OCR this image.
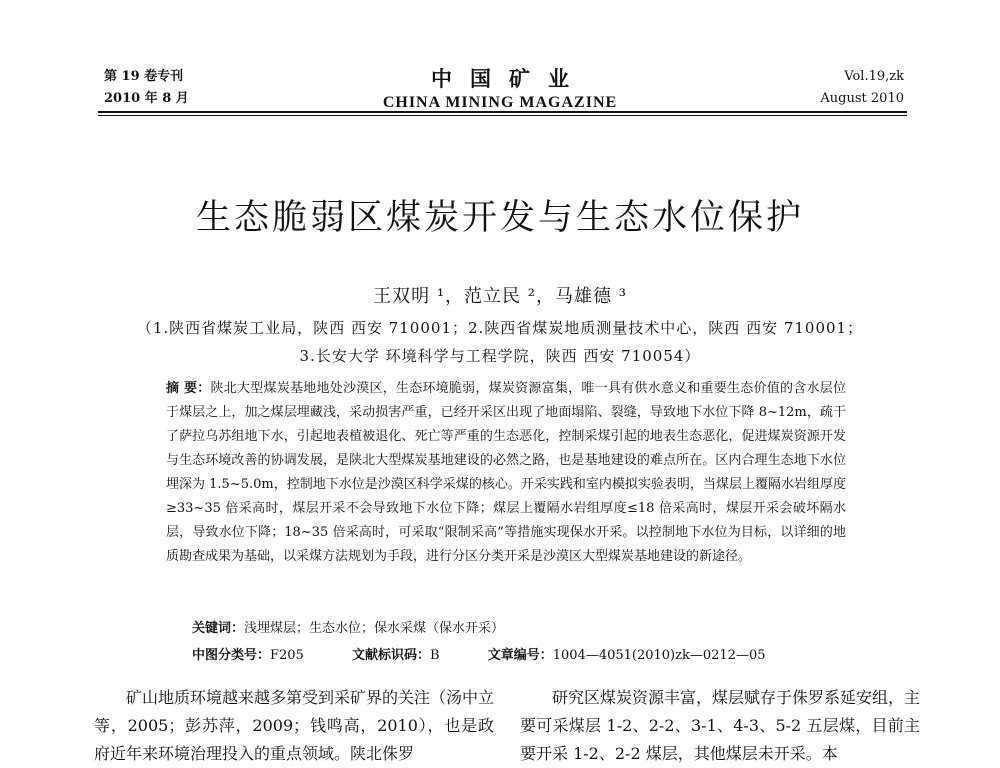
第 19 卷专刊
2010 年 8 月
中国矿业
CHINA MINING MAGAZINE
Vol.19,zk
August 2010
生态脆弱区煤炭开发与生态水位保护
王双明 ¹，范立民 ²，马雄德 ³
（1.陕西省煤炭工业局，陕西 西安 710001；2.陕西省煤炭地质测量技术中心，陕西 西安 710001；
3.长安大学 环境科学与工程学院，陕西 西安 710054）
摘 要：陕北大型煤炭基地地处沙漠区，生态环境脆弱，煤炭资源富集，唯一具有供水意义和重要生态价值的含水层位于煤层之上，加之煤层埋藏浅，采动损害严重，已经开采区出现了地面塌陷、裂缝，导致地下水位下降 8~12m，疏干了萨拉乌苏组地下水，引起地表植被退化、死亡等严重的生态恶化，控制采煤引起的地表生态恶化，促进煤炭资源开发与生态环境改善的协调发展，是陕北大型煤炭基地建设的必然之路，也是基地建设的难点所在。区内合理生态地下水位埋深为 1.5~5.0m，控制地下水位是沙漠区科学采煤的核心。开采实践和室内模拟实验表明，当煤层上覆隔水岩组厚度≥33~35 倍采高时，煤层开采不会导致地下水位下降；煤层上覆隔水岩组厚度≤18 倍采高时，煤层开采会破坏隔水层，导致水位下降；18~35 倍采高时，可采取“限制采高”等措施实现保水开采。以控制地下水位为目标，以详细的地质勘查成果为基础，以采煤方法规划为手段，进行分区分类开采是沙漠区大型煤炭基地建设的新途径。
关键词：浅埋煤层；生态水位；保水采煤（保水开采）
中图分类号：F205	文献标识码：B	文章编号：1004—4051(2010)zk—0212—05

矿山地质环境越来越多第受到采矿界的关注（汤中立等，2005；彭苏萍，2009；钱鸣高，2010），也是政府近年来环境治理投入的重点领域。陕北侏罗

研究区煤炭资源丰富，煤层赋存于侏罗系延安组，主要可采煤层 1-2、2-2、3-1、4-3、5-2 五层煤，目前主要开采 1-2、2-2 煤层，其他煤层未开采。本
